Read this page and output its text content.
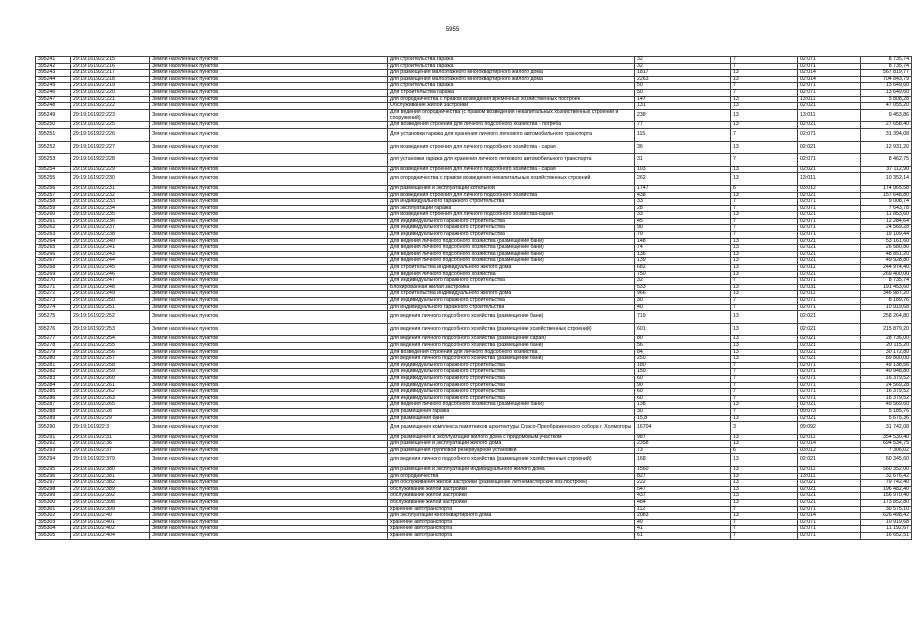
5955
395241	29:19:161922:215	Земли населённых пунктов	для строительства гаража	32	7	02:071	8 735,74
395242	29:19:161922:216	Земли населённых пунктов	для строительства гаража	32	7	02:071	8 735,74
395243	29:19:161922:217	Земли населённых пунктов	для размещения малоэтажного многоквартирного жилого дома	1817	13	02:014	567 819,77
395244	29:19:161922:218	Земли населённых пунктов	для размещения малоэтажного многоквартирного жилого дома	2263	13	02:014	704 843,79
395245	29:19:161922:219	Земли населённых пунктов	для строительства гаража	50	7	02:071	13 649,60
395246	29:19:161922:220	Земли населённых пунктов	Для строительства гаража	50	7	02:071	13 649,60
395247	29:19:161922:221	Земли населённых пунктов	для огородничества с правом возведения временных хозяйственных построек	147	13	13:011	5 808,28
395248	29:19:161922:222	Земли населённых пунктов	Обслуживание жилой застройки	131	13	02:021	47 055,20
395249	29:19:161922:223	Земли населённых пунктов	Для ведения огородничества (с правом возведения некапитальных хозяйственных строений и сооружений)	238	13	13:011	9 453,86
395250	29:19:161922:225	Земли населённых пунктов	Для возведения строения для личного подсобного хозяйства - погреба	77	13	02:021	27 658,40
395251	29:19:161922:226	Земли населённых пунктов	Для установки гаража для хранения личного легкового автомобильного транспорта	115	7	02:071	31 394,08
395252	29:19:161922:227	Земли населённых пунктов	для возведения строения для личного подсобного хозяйства - сарая	36	13	02:021	12 931,20
395253	29:19:161922:228	Земли населённых пунктов	для установки гаража для хранения личного легкового автомобильного транспорта	31	7	02:071	8 462,75
395254	29:19:161922:229	Земли населённых пунктов	для возведения строения для личного подсобного хозяйства - сарая	103	13	02:021	37 112,90
395255	29:19:161922:230	Земли населённых пунктов	для огородничества с правом возведения некапитальных хозяйственных строений	262	13	13:011	10 352,14
395256	29:19:161922:231	Земли населённых пунктов	для размещения и эксплуатации котельной	1747	6	03:012	174 965,58
395257	29:19:161922:232	Земли населённых пунктов	для возведения строения для личного подсобного хозяйства	438	13	02:021	157 648,80
395258	29:19:161922:233	Земли населённых пунктов	для индивидуального гаражного строительства	33	7	02:071	9 008,74
395259	29:19:161922:234	Земли населённых пунктов	для эксплуатации гаража	28	7	02:071	7 643,78
395260	29:19:161922:235	Земли населённых пунктов	для возведения строения для личного подсобного хозяйства-сарая	33	13	02:021	11 853,60
395261	29:19:161922:236	Земли населённых пунктов	Для индивидуального гаражного строительства	45	7	02:071	12 284,64
395262	29:19:161922:237	Земли населённых пунктов	Для индивидуального гаражного строительства	90	7	02:071	24 569,28
395263	29:19:161922:238	Земли населённых пунктов	Для индивидуального гаражного строительства	70	7	02:071	19 109,44
395264	29:19:161922:240	Земли населённых пунктов	Для ведения личного подсобного хозяйства (размещение бани)	148	13	02:021	53 161,60
395265	29:19:161922:241	Земли населённых пунктов	Для ведения личного подсобного хозяйства (размещение бани)	74	13	02:021	26 580,80
395266	29:19:161922:243	Земли населённых пунктов	Для ведения личного подсобного хозяйства (размещение бани)	136	13	02:021	48 851,20
395267	29:19:161922:244	Земли населённых пунктов	Для ведения личного подсобного хозяйства (размещение бани)	139	13	02:021	49 928,80
395268	29:19:161922:245	Земли населённых пунктов	Для строительства индивидуального жилого дома	682	13	02:011	244 974,40
395269	29:19:161922:246	Земли населённых пунктов	Для ведения личного подсобного хозяйства	750	13	02:021	269 400,00
395270	29:19:161922:247	Земли населённых пунктов	Для индивидуального гаражного строительства	32	7	02:071	8 735,74
395271	29:19:161922:248	Земли населённых пунктов	Блокированная жилая застройка	533	13	02:031	191 453,60
395272	29:19:161922:249	Земли населённых пунктов	Для строительства индивидуального жилого дома	966	13	02:011	346 987,20
395273	29:19:161922:250	Земли населённых пунктов	Для индивидуального гаражного строительства	30	7	02:071	8 189,76
395274	29:19:161922:251	Земли населённых пунктов	для индивидуального гаражного строительства	40	7	02:071	10 919,68
395275	29:19:161922:252	Земли населённых пунктов	для ведения личного подсобного хозяйства (размещение бани)	719	13	02:021	258 264,80
395276	29:19:161922:253	Земли населённых пунктов	для ведения личного подсобного хозяйства (размещение хозяйственных строений)	601	13	02:021	215 879,20
395277	29:19:161922:254	Земли населённых пунктов	для ведения личного подсобного хозяйства (размещение сарая)	80	13	02:021	28 736,00
395278	29:19:161922:255	Земли населённых пунктов	для ведения личного подсобного хозяйства (размещение бани)	56	13	02:021	20 115,20
395279	29:19:161922:256	Земли населённых пунктов	Для возведения строения для личного подсобного хозяйства	84	13	02:021	30 172,80
395280	29:19:161922:257	Земли населённых пунктов	для ведения личного подсобного хозяйства (размещение бани)	250	13	02:021	89 800,00
395281	29:19:161922:258	Земли населённых пунктов	Для индивидуального гаражного строительства	180	7	02:071	49 138,56
395282	29:19:161922:259	Земли населённых пунктов	Для индивидуального гаражного строительства	150	7	02:071	40 948,80
395283	29:19:161922:260	Земли населённых пунктов	Для индивидуального гаражного строительства	60	7	02:071	16 379,52
395284	29:19:161922:261	Земли населённых пунктов	Для индивидуального гаражного строительства	90	7	02:071	24 569,28
395285	29:19:161922:262	Земли населённых пунктов	Для индивидуального гаражного строительства	60	7	02:071	16 379,52
395286	29:19:161922:263	Земли населённых пунктов	Для индивидуального гаражного строительства	60	7	02:071	16 379,52
395287	29:19:161922:265	Земли населённых пунктов	Для ведения личного подсобного хозяйства (размещение бани)	138	13	02:021	49 569,60
395288	29:19:161922:28	Земли населённых пунктов	Для размещения гаража	30	7	09:073	5 185,76
395289	29:19:161922:29	Земли населённых пунктов	Для размещения бани	15,8	13	02:021	5 675,36
395290	29:19:161922:3	Земли населённых пунктов	Для размещения комплекса памятников архитектуры Спасо-Преображенского собора г. Холмогоры	16704	3	09:092	31 742,08
395291	29:19:161922:31	Земли населённых пунктов	Для размещения и эксплуатации жилого дома с придомовым участком	987	13	02:011	354 530,40
395292	29:19:161922:36	Земли населённых пунктов	для размещения и эксплуатации жилого дома	2358	13	02:014	694 534,75
395293	29:19:161922:37	Земли населённых пунктов	для размещения групповой резервуарной установки	73	6	03:012	7 306,02
395294	29:19:161922:379	Земли населённых пунктов	для ведения личного подсобного хозяйства (размещение хозяйственных строений)	168	13	02:021	60 345,60
395295	29:19:161922:380	Земли населённых пунктов	для размещения и эксплуатации индивидуального жилого дома	1560	13	02:011	560 352,00
395296	29:19:161922:381	Земли населённых пунктов	для огородничества	827	13	13:011	32 676,42
395297	29:19:161922:382	Земли населённых пунктов	для обслуживания жилой застройки (размещение летнемастерских хоз.построек)	222	13	02:021	79 742,40
395298	29:19:161922:389	Земли населённых пунктов	обслуживание жилой застройки	547	13	02:021	196 482,40
395299	29:19:161922:392	Земли населённых пунктов	обслуживание жилой застройки	437	13	02:021	156 970,40
395300	29:19:161922:398	Земли населённых пунктов	обслуживание жилой застройки	484	13	02:021	173 852,80
395301	29:19:161922:399	Земли населённых пунктов	хранение автотранспорта	112	7	02:071	30 575,10
395302	29:19:161922:40	Земли населённых пунктов	для эксплуатации многоквартирного дома	2083	13	02:014	626 498,42
395303	29:19:161922:401	Земли населённых пунктов	хранение автотранспорта	40	7	02:071	10 919,68
395304	29:19:161922:402	Земли населённых пунктов	хранение автотранспорта	41	7	02:071	11 192,67
395305	29:19:161922:404	Земли населённых пунктов	хранение автотранспорта	61	7	02:071	16 652,51
